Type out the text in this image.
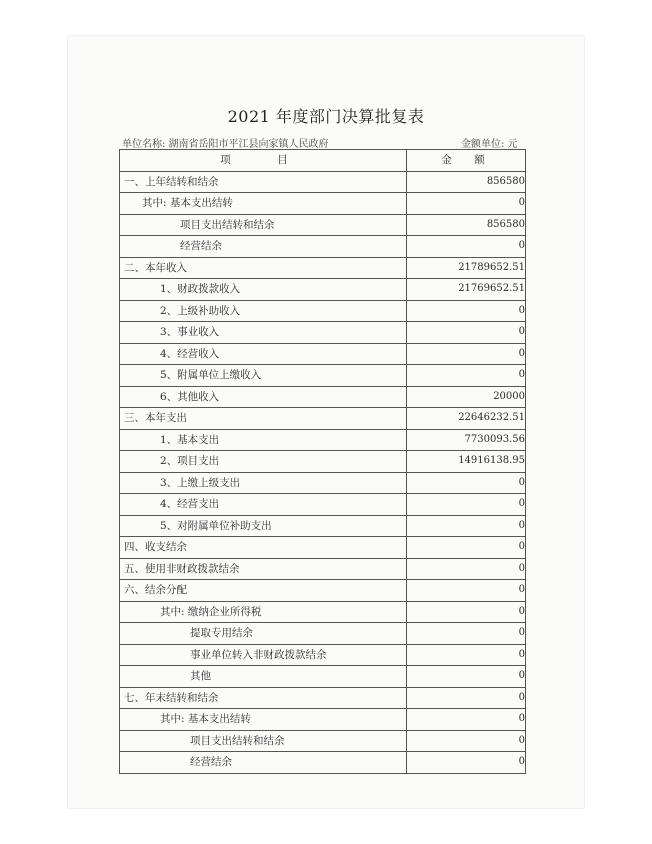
2021 年度部门决算批复表
单位名称: 湖南省岳阳市平江县向家镇人民政府	金额单位: 元
项　目	金　额
一、上年结转和结余	856580
其中: 基本支出结转	0
项目支出结转和结余	856580
经营结余	0
二、本年收入	21789652.51
1、财政拨款收入	21769652.51
2、上级补助收入	0
3、事业收入	0
4、经营收入	0
5、附属单位上缴收入	0
6、其他收入	20000
三、本年支出	22646232.51
1、基本支出	7730093.56
2、项目支出	14916138.95
3、上缴上级支出	0
4、经营支出	0
5、对附属单位补助支出	0
四、收支结余	0
五、使用非财政拨款结余	0
六、结余分配	0
其中: 缴纳企业所得税	0
提取专用结余	0
事业单位转入非财政拨款结余	0
其他	0
七、年末结转和结余	0
其中: 基本支出结转	0
项目支出结转和结余	0
经营结余	0
